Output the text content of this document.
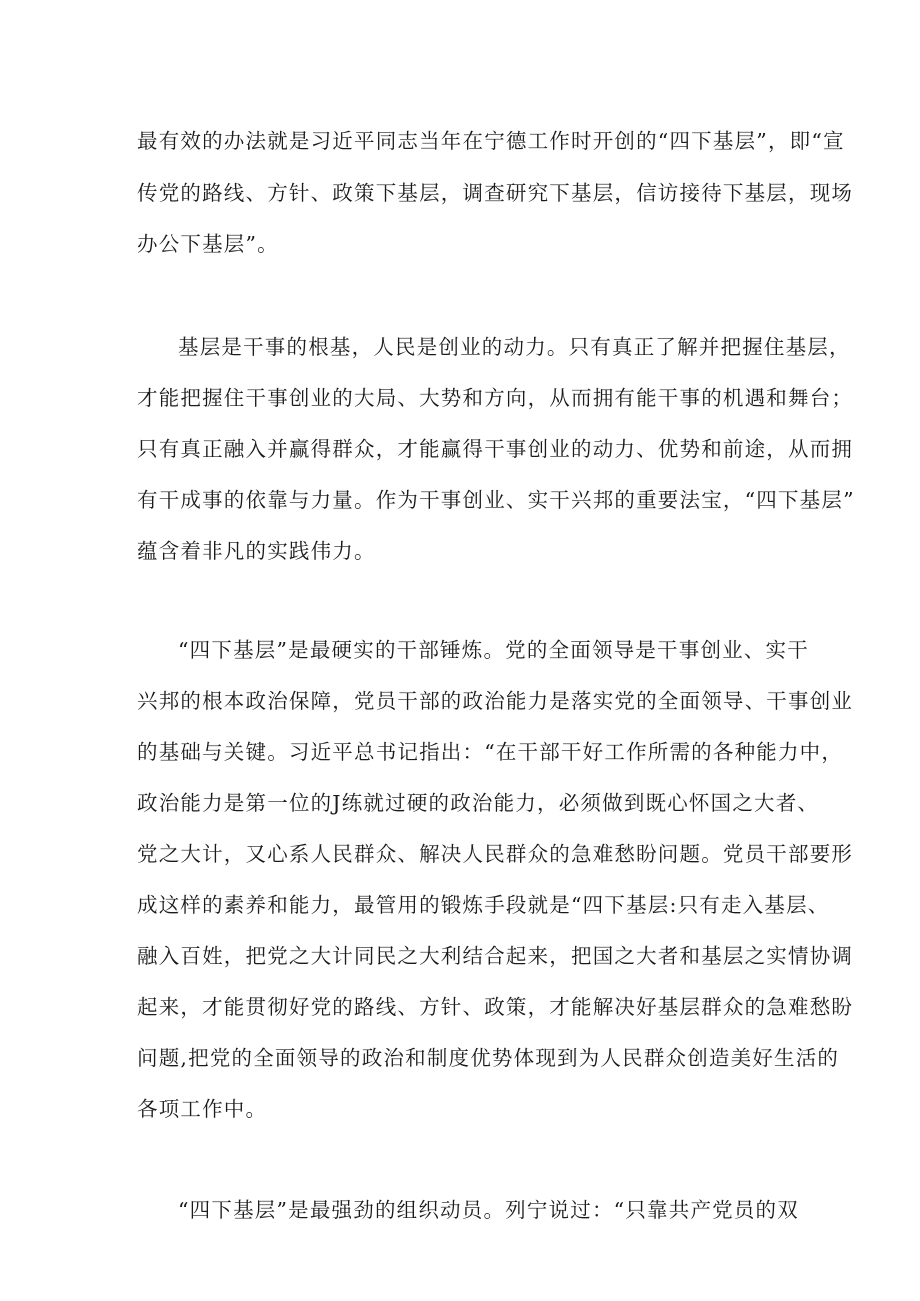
最有效的办法就是习近平同志当年在宁德工作时开创的“四下基层”，即“宣
传党的路线、方针、政策下基层，调查研究下基层，信访接待下基层，现场
办公下基层”。
基层是干事的根基，人民是创业的动力。只有真正了解并把握住基层，
才能把握住干事创业的大局、大势和方向，从而拥有能干事的机遇和舞台；
只有真正融入并赢得群众，才能赢得干事创业的动力、优势和前途，从而拥
有干成事的依靠与力量。作为干事创业、实干兴邦的重要法宝，“四下基层”
蕴含着非凡的实践伟力。
“四下基层”是最硬实的干部锤炼。党的全面领导是干事创业、实干
兴邦的根本政治保障，党员干部的政治能力是落实党的全面领导、干事创业
的基础与关键。习近平总书记指出：“在干部干好工作所需的各种能力中，
政治能力是第一位的J练就过硬的政治能力，必须做到既心怀国之大者、
党之大计，又心系人民群众、解决人民群众的急难愁盼问题。党员干部要形
成这样的素养和能力，最管用的锻炼手段就是“四下基层:只有走入基层、
融入百姓，把党之大计同民之大利结合起来，把国之大者和基层之实情协调
起来，才能贯彻好党的路线、方针、政策，才能解决好基层群众的急难愁盼
问题,把党的全面领导的政治和制度优势体现到为人民群众创造美好生活的
各项工作中。
“四下基层”是最强劲的组织动员。列宁说过：“只靠共产党员的双
